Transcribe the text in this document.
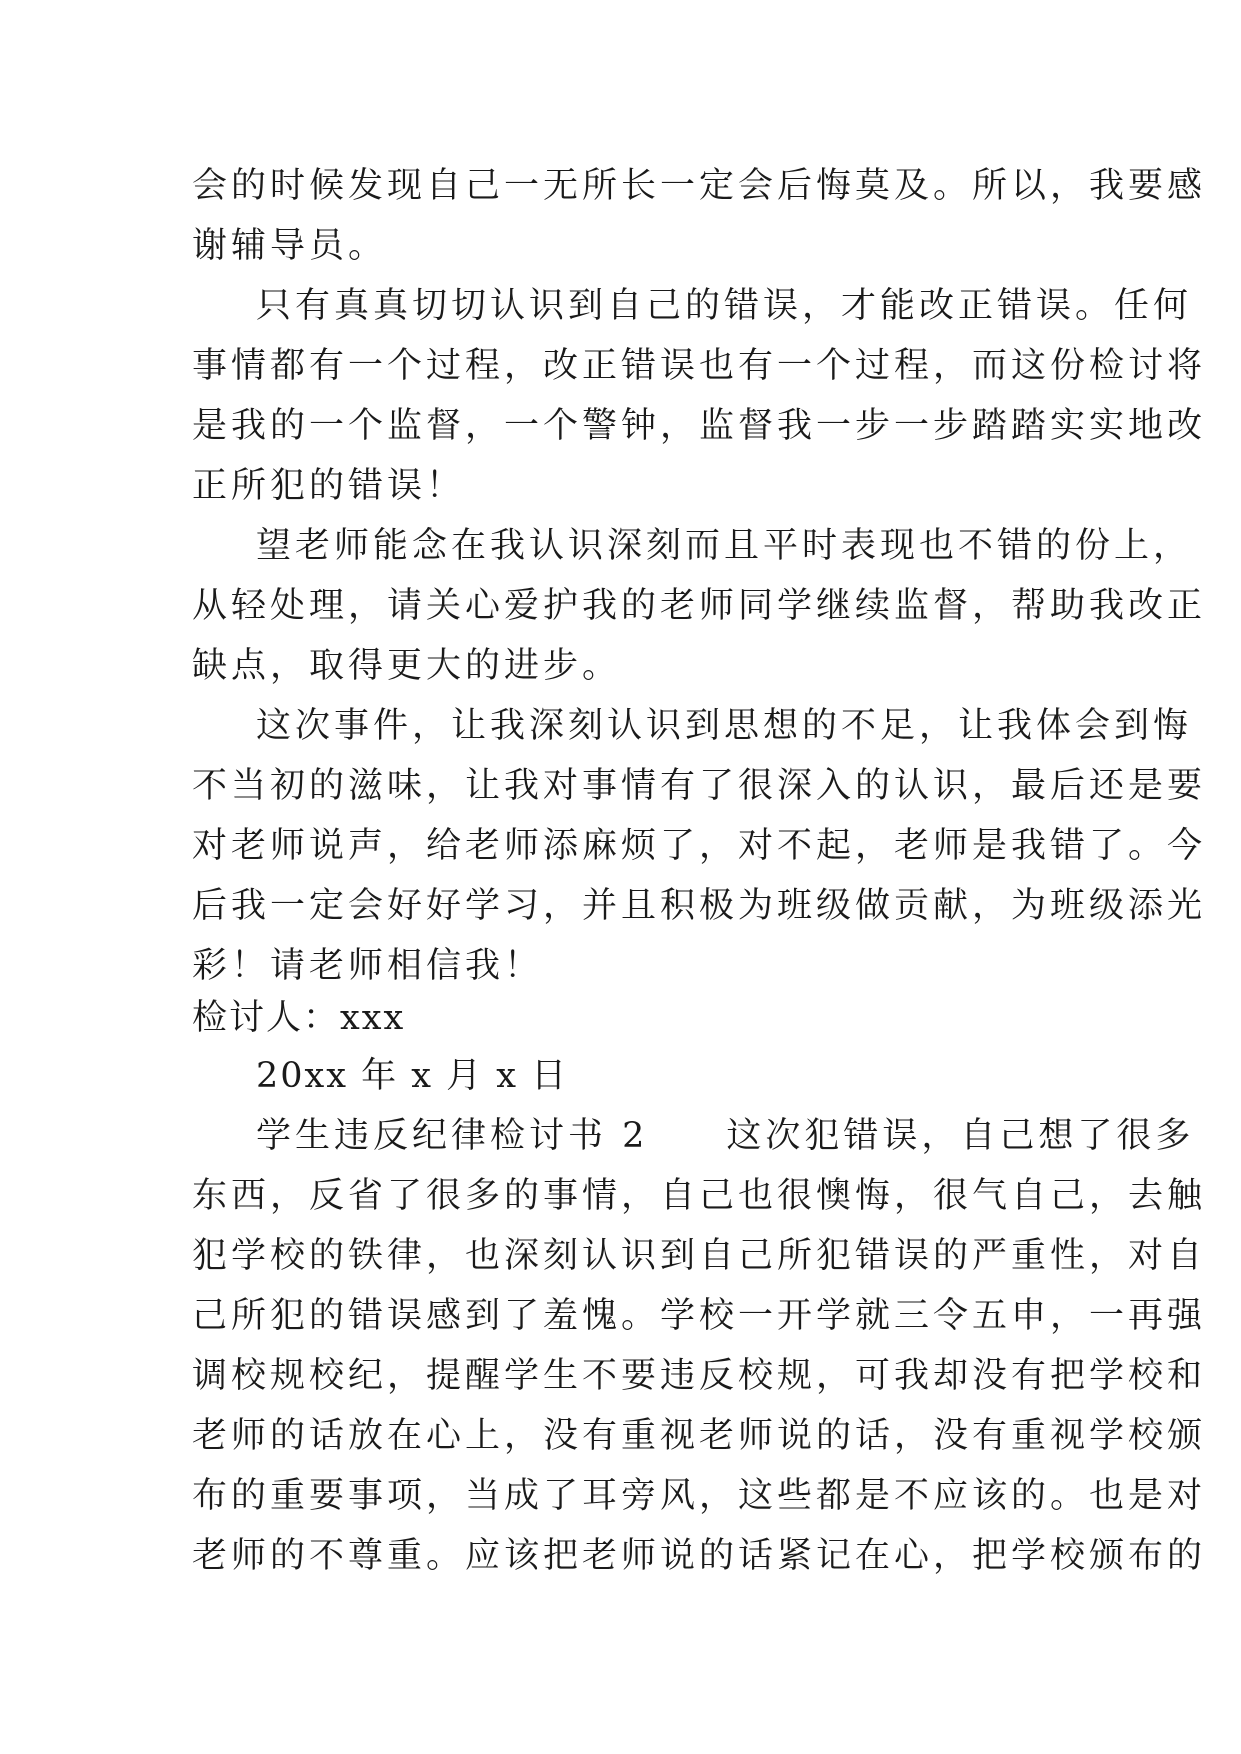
会的时候发现自己一无所长一定会后悔莫及。所以，我要感
谢辅导员。
只有真真切切认识到自己的错误，才能改正错误。任何
事情都有一个过程，改正错误也有一个过程，而这份检讨将
是我的一个监督，一个警钟，监督我一步一步踏踏实实地改
正所犯的错误！
望老师能念在我认识深刻而且平时表现也不错的份上，
从轻处理，请关心爱护我的老师同学继续监督，帮助我改正
缺点，取得更大的进步。
这次事件，让我深刻认识到思想的不足，让我体会到悔
不当初的滋味，让我对事情有了很深入的认识，最后还是要
对老师说声，给老师添麻烦了，对不起，老师是我错了。今
后我一定会好好学习，并且积极为班级做贡献，为班级添光
彩！请老师相信我！
检讨人：xxx
20xx 年 x 月 x 日
学生违反纪律检讨书 2　　这次犯错误，自己想了很多
东西，反省了很多的事情，自己也很懊悔，很气自己，去触
犯学校的铁律，也深刻认识到自己所犯错误的严重性，对自
己所犯的错误感到了羞愧。学校一开学就三令五申，一再强
调校规校纪，提醒学生不要违反校规，可我却没有把学校和
老师的话放在心上，没有重视老师说的话，没有重视学校颁
布的重要事项，当成了耳旁风，这些都是不应该的。也是对
老师的不尊重。应该把老师说的话紧记在心，把学校颁布的
